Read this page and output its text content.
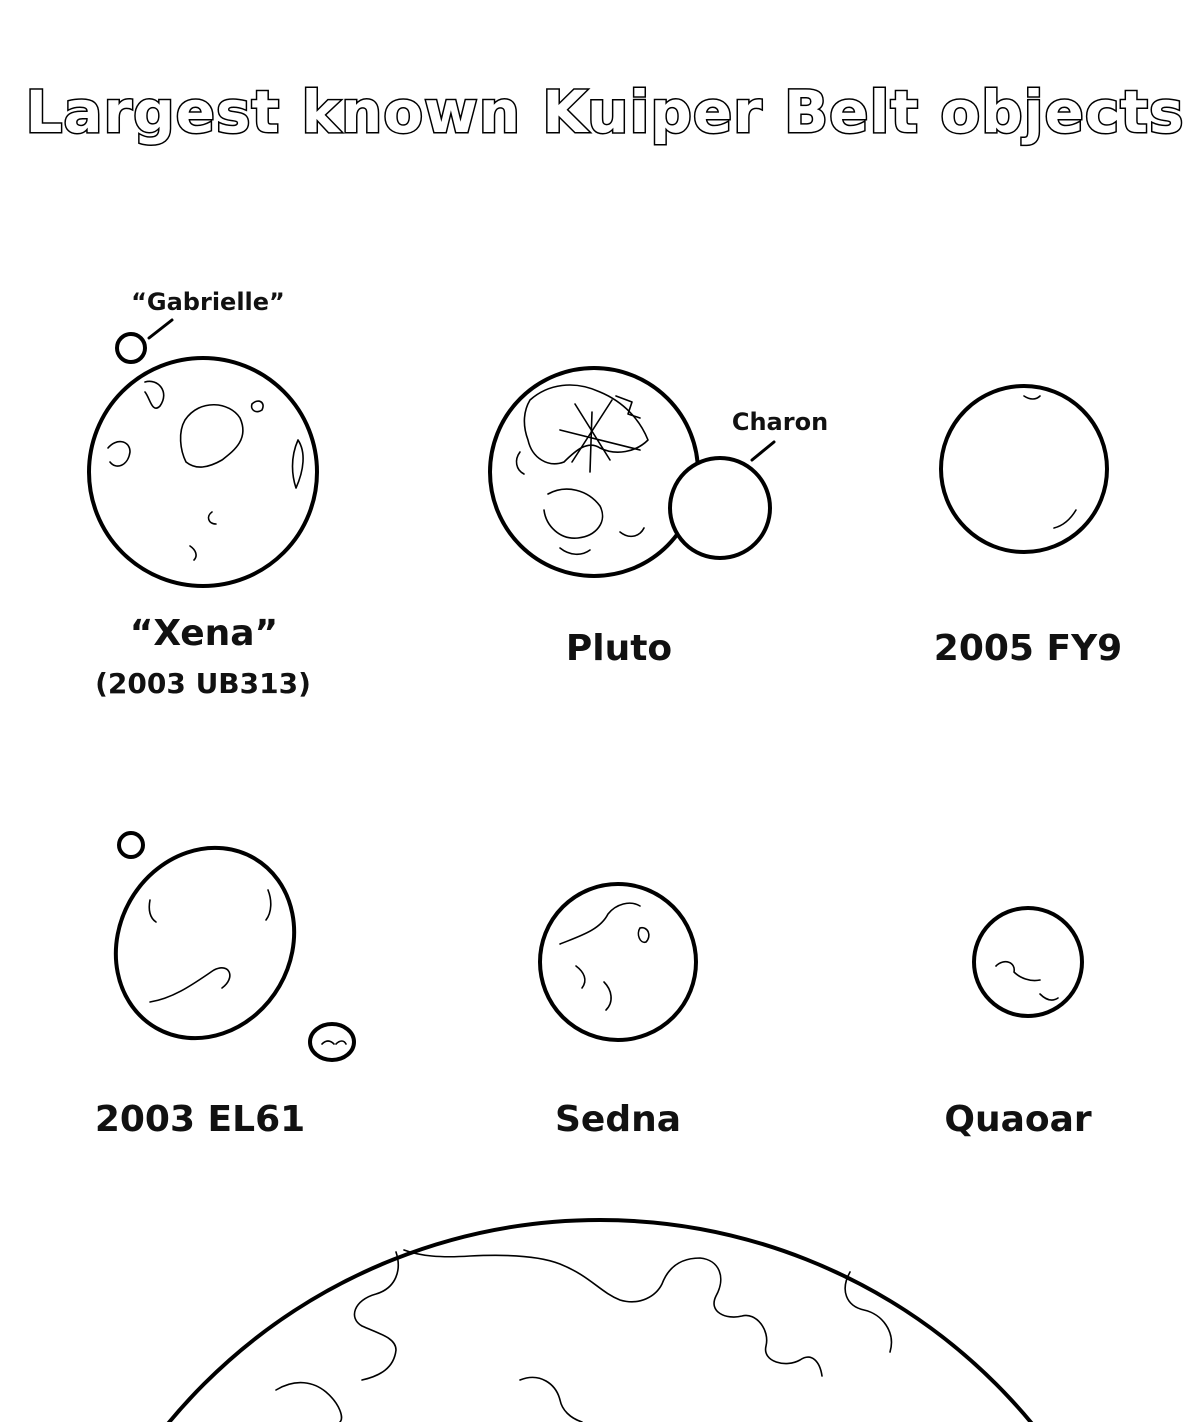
Largest known Kuiper Belt objects
“Gabrielle”
“Xena”
(2003 UB313)
Charon
Pluto	2005 FY9
2003 EL61	Sedna	Quaoar
